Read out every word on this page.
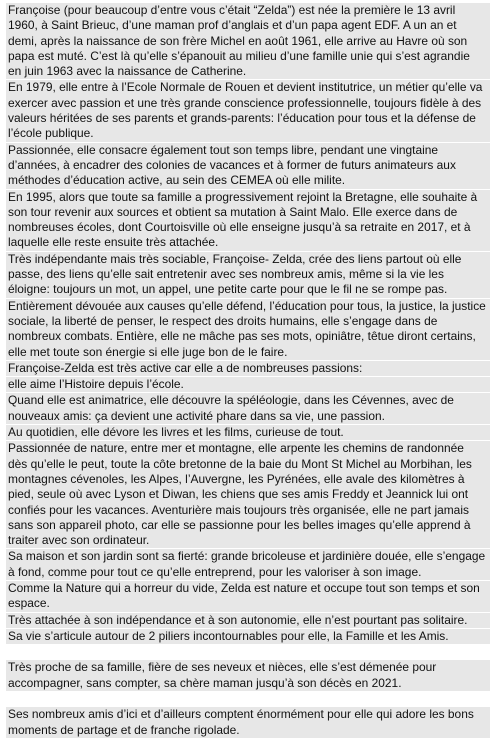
Françoise (pour beaucoup d’entre vous c’était “Zelda”) est née la première le 13 avril 1960, à Saint Brieuc, d’une maman prof d’anglais et d’un papa agent EDF. A un an et demi, après la naissance de son frère Michel en août 1961, elle arrive au Havre où son papa est muté. C’est là qu’elle s’épanouit au milieu d’une famille unie qui s’est agrandie en juin 1963 avec la naissance de Catherine.

En 1979, elle entre à l’Ecole Normale de Rouen et devient institutrice, un métier qu’elle va exercer avec passion et une très grande conscience professionnelle, toujours fidèle à des valeurs héritées de ses parents et grands-parents: l’éducation pour tous et la défense de l’école publique.

Passionnée, elle consacre également tout son temps libre, pendant une vingtaine d’années, à encadrer des colonies de vacances et à former de futurs animateurs aux méthodes d’éducation active, au sein des CEMEA où elle milite.

En 1995, alors que toute sa famille a progressivement rejoint la Bretagne, elle souhaite à son tour revenir aux sources et obtient sa mutation à Saint Malo. Elle exerce dans de nombreuses écoles, dont Courtoisville où elle enseigne jusqu’à sa retraite en 2017, et à laquelle elle reste ensuite très attachée.

Très indépendante mais très sociable, Françoise- Zelda, crée des liens partout où elle passe, des liens qu’elle sait entretenir avec ses nombreux amis, même si la vie les éloigne: toujours un mot, un appel, une petite carte pour que le fil ne se rompe pas.

Entièrement dévouée aux causes qu’elle défend, l’éducation pour tous, la justice, la justice sociale, la liberté de penser, le respect des droits humains, elle s’engage dans de nombreux combats. Entière, elle ne mâche pas ses mots, opiniâtre, têtue diront certains, elle met toute son énergie si elle juge bon de le faire.

Françoise-Zelda est très active car elle a de nombreuses passions:

elle aime l’Histoire depuis l’école.

Quand elle est animatrice, elle découvre la spéléologie, dans les Cévennes, avec de nouveaux amis: ça devient une activité phare dans sa vie, une passion.

Au quotidien, elle dévore les livres et les films, curieuse de tout.

Passionnée de nature, entre mer et montagne, elle arpente les chemins de randonnée dès qu’elle le peut, toute la côte bretonne de la baie du Mont St Michel au Morbihan, les montagnes cévenoles, les Alpes, l’Auvergne, les Pyrénées, elle avale des kilomètres à pied, seule où avec Lyson et Diwan, les chiens que ses amis Freddy et Jeannick lui ont confiés pour les vacances. Aventurière mais toujours très organisée, elle ne part jamais sans son appareil photo, car elle se passionne pour les belles images qu’elle apprend à traiter avec son ordinateur.

Sa maison et son jardin sont sa fierté: grande bricoleuse et jardinière douée, elle s’engage à fond, comme pour tout ce qu’elle entreprend, pour les valoriser à son image.

Comme la Nature qui a horreur du vide, Zelda est nature et occupe tout son temps et son espace.

Très attachée à son indépendance et à son autonomie, elle n’est pourtant pas solitaire.

Sa vie s’articule autour de 2 piliers incontournables pour elle, la Famille et les Amis.

Très proche de sa famille, fière de ses neveux et nièces, elle s’est démenée pour accompagner, sans compter, sa chère maman jusqu’à son décès en 2021.

Ses nombreux amis d’ici et d’ailleurs comptent énormément pour elle qui adore les bons moments de partage et de franche rigolade.
